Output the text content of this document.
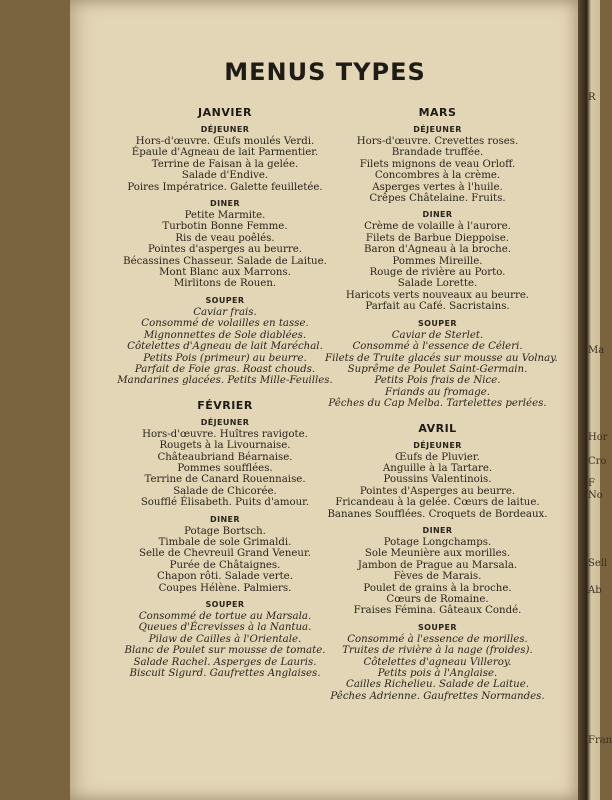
R
Ma
Hor
Cro
F
No
Sell
Ab
Fran
MENUS TYPES
JANVIER
DÉJEUNER
Hors-d'œuvre. Œufs moulés Verdi.
Épaule d'Agneau de lait Parmentier.
Terrine de Faisan à la gelée.
Salade d'Endive.
Poires Impératrice. Galette feuilletée.
DINER
Petite Marmite.
Turbotin Bonne Femme.
Ris de veau poêlés.
Pointes d'asperges au beurre.
Bécassines Chasseur. Salade de Laitue.
Mont Blanc aux Marrons.
Mirlitons de Rouen.
SOUPER
Caviar frais.
Consommé de volailles en tasse.
Mignonnettes de Sole diablées.
Côtelettes d'Agneau de lait Maréchal.
Petits Pois (primeur) au beurre.
Parfait de Foie gras. Roast chouds.
Mandarines glacées. Petits Mille-Feuilles.
FÉVRIER
DÉJEUNER
Hors-d'œuvre. Huîtres ravigote.
Rougets à la Livournaise.
Châteaubriand Béarnaise.
Pommes soufflées.
Terrine de Canard Rouennaise.
Salade de Chicorée.
Soufflé Élisabeth. Puits d'amour.
DINER
Potage Bortsch.
Timbale de sole Grimaldi.
Selle de Chevreuil Grand Veneur.
Purée de Châtaignes.
Chapon rôti. Salade verte.
Coupes Hélène. Palmiers.
SOUPER
Consommé de tortue au Marsala.
Queues d'Écrevisses à la Nantua.
Pilaw de Cailles à l'Orientale.
Blanc de Poulet sur mousse de tomate.
Salade Rachel. Asperges de Lauris.
Biscuit Sigurd. Gaufrettes Anglaises.
MARS
DÉJEUNER
Hors-d'œuvre. Crevettes roses.
Brandade truffée.
Filets mignons de veau Orloff.
Concombres à la crème.
Asperges vertes à l'huile.
Crêpes Châtelaine. Fruits.
DINER
Crème de volaille à l'aurore.
Filets de Barbue Dieppoise.
Baron d'Agneau à la broche.
Pommes Mireille.
Rouge de rivière au Porto.
Salade Lorette.
Haricots verts nouveaux au beurre.
Parfait au Café. Sacristains.
SOUPER
Caviar de Sterlet.
Consommé à l'essence de Céleri.
Filets de Truite glacés sur mousse au Volnay.
Suprême de Poulet Saint-Germain.
Petits Pois frais de Nice.
Friands au fromage.
Pêches du Cap Melba. Tartelettes perlées.
AVRIL
DÉJEUNER
Œufs de Pluvier.
Anguille à la Tartare.
Poussins Valentinois.
Pointes d'Asperges au beurre.
Fricandeau à la gelée. Cœurs de laitue.
Bananes Soufflées. Croquets de Bordeaux.
DINER
Potage Longchamps.
Sole Meunière aux morilles.
Jambon de Prague au Marsala.
Fèves de Marais.
Poulet de grains à la broche.
Cœurs de Romaine.
Fraises Fémina. Gâteaux Condé.
SOUPER
Consommé à l'essence de morilles.
Truites de rivière à la nage (froides).
Côtelettes d'agneau Villeroy.
Petits pois à l'Anglaise.
Cailles Richelieu. Salade de Laitue.
Pêches Adrienne. Gaufrettes Normandes.
